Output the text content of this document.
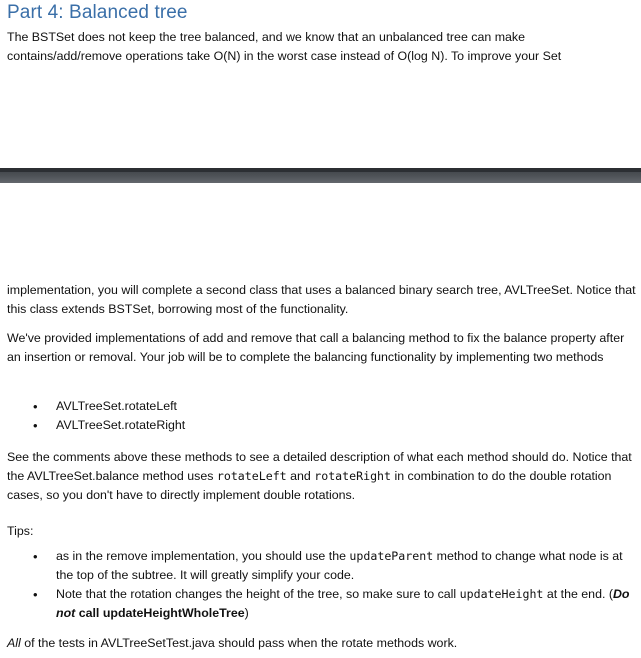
Part 4: Balanced tree

The BSTSet does not keep the tree balanced, and we know that an unbalanced tree can make contains/add/remove operations take O(N) in the worst case instead of O(log N). To improve your Set

implementation, you will complete a second class that uses a balanced binary search tree, AVLTreeSet. Notice that this class extends BSTSet, borrowing most of the functionality.

We've provided implementations of add and remove that call a balancing method to fix the balance property after an insertion or removal. Your job will be to complete the balancing functionality by implementing two methods

• AVLTreeSet.rotateLeft
• AVLTreeSet.rotateRight

See the comments above these methods to see a detailed description of what each method should do. Notice that the AVLTreeSet.balance method uses rotateLeft and rotateRight in combination to do the double rotation cases, so you don't have to directly implement double rotations.

Tips:

• as in the remove implementation, you should use the updateParent method to change what node is at the top of the subtree. It will greatly simplify your code.
• Note that the rotation changes the height of the tree, so make sure to call updateHeight at the end. (Do not call updateHeightWholeTree)

All of the tests in AVLTreeSetTest.java should pass when the rotate methods work.
